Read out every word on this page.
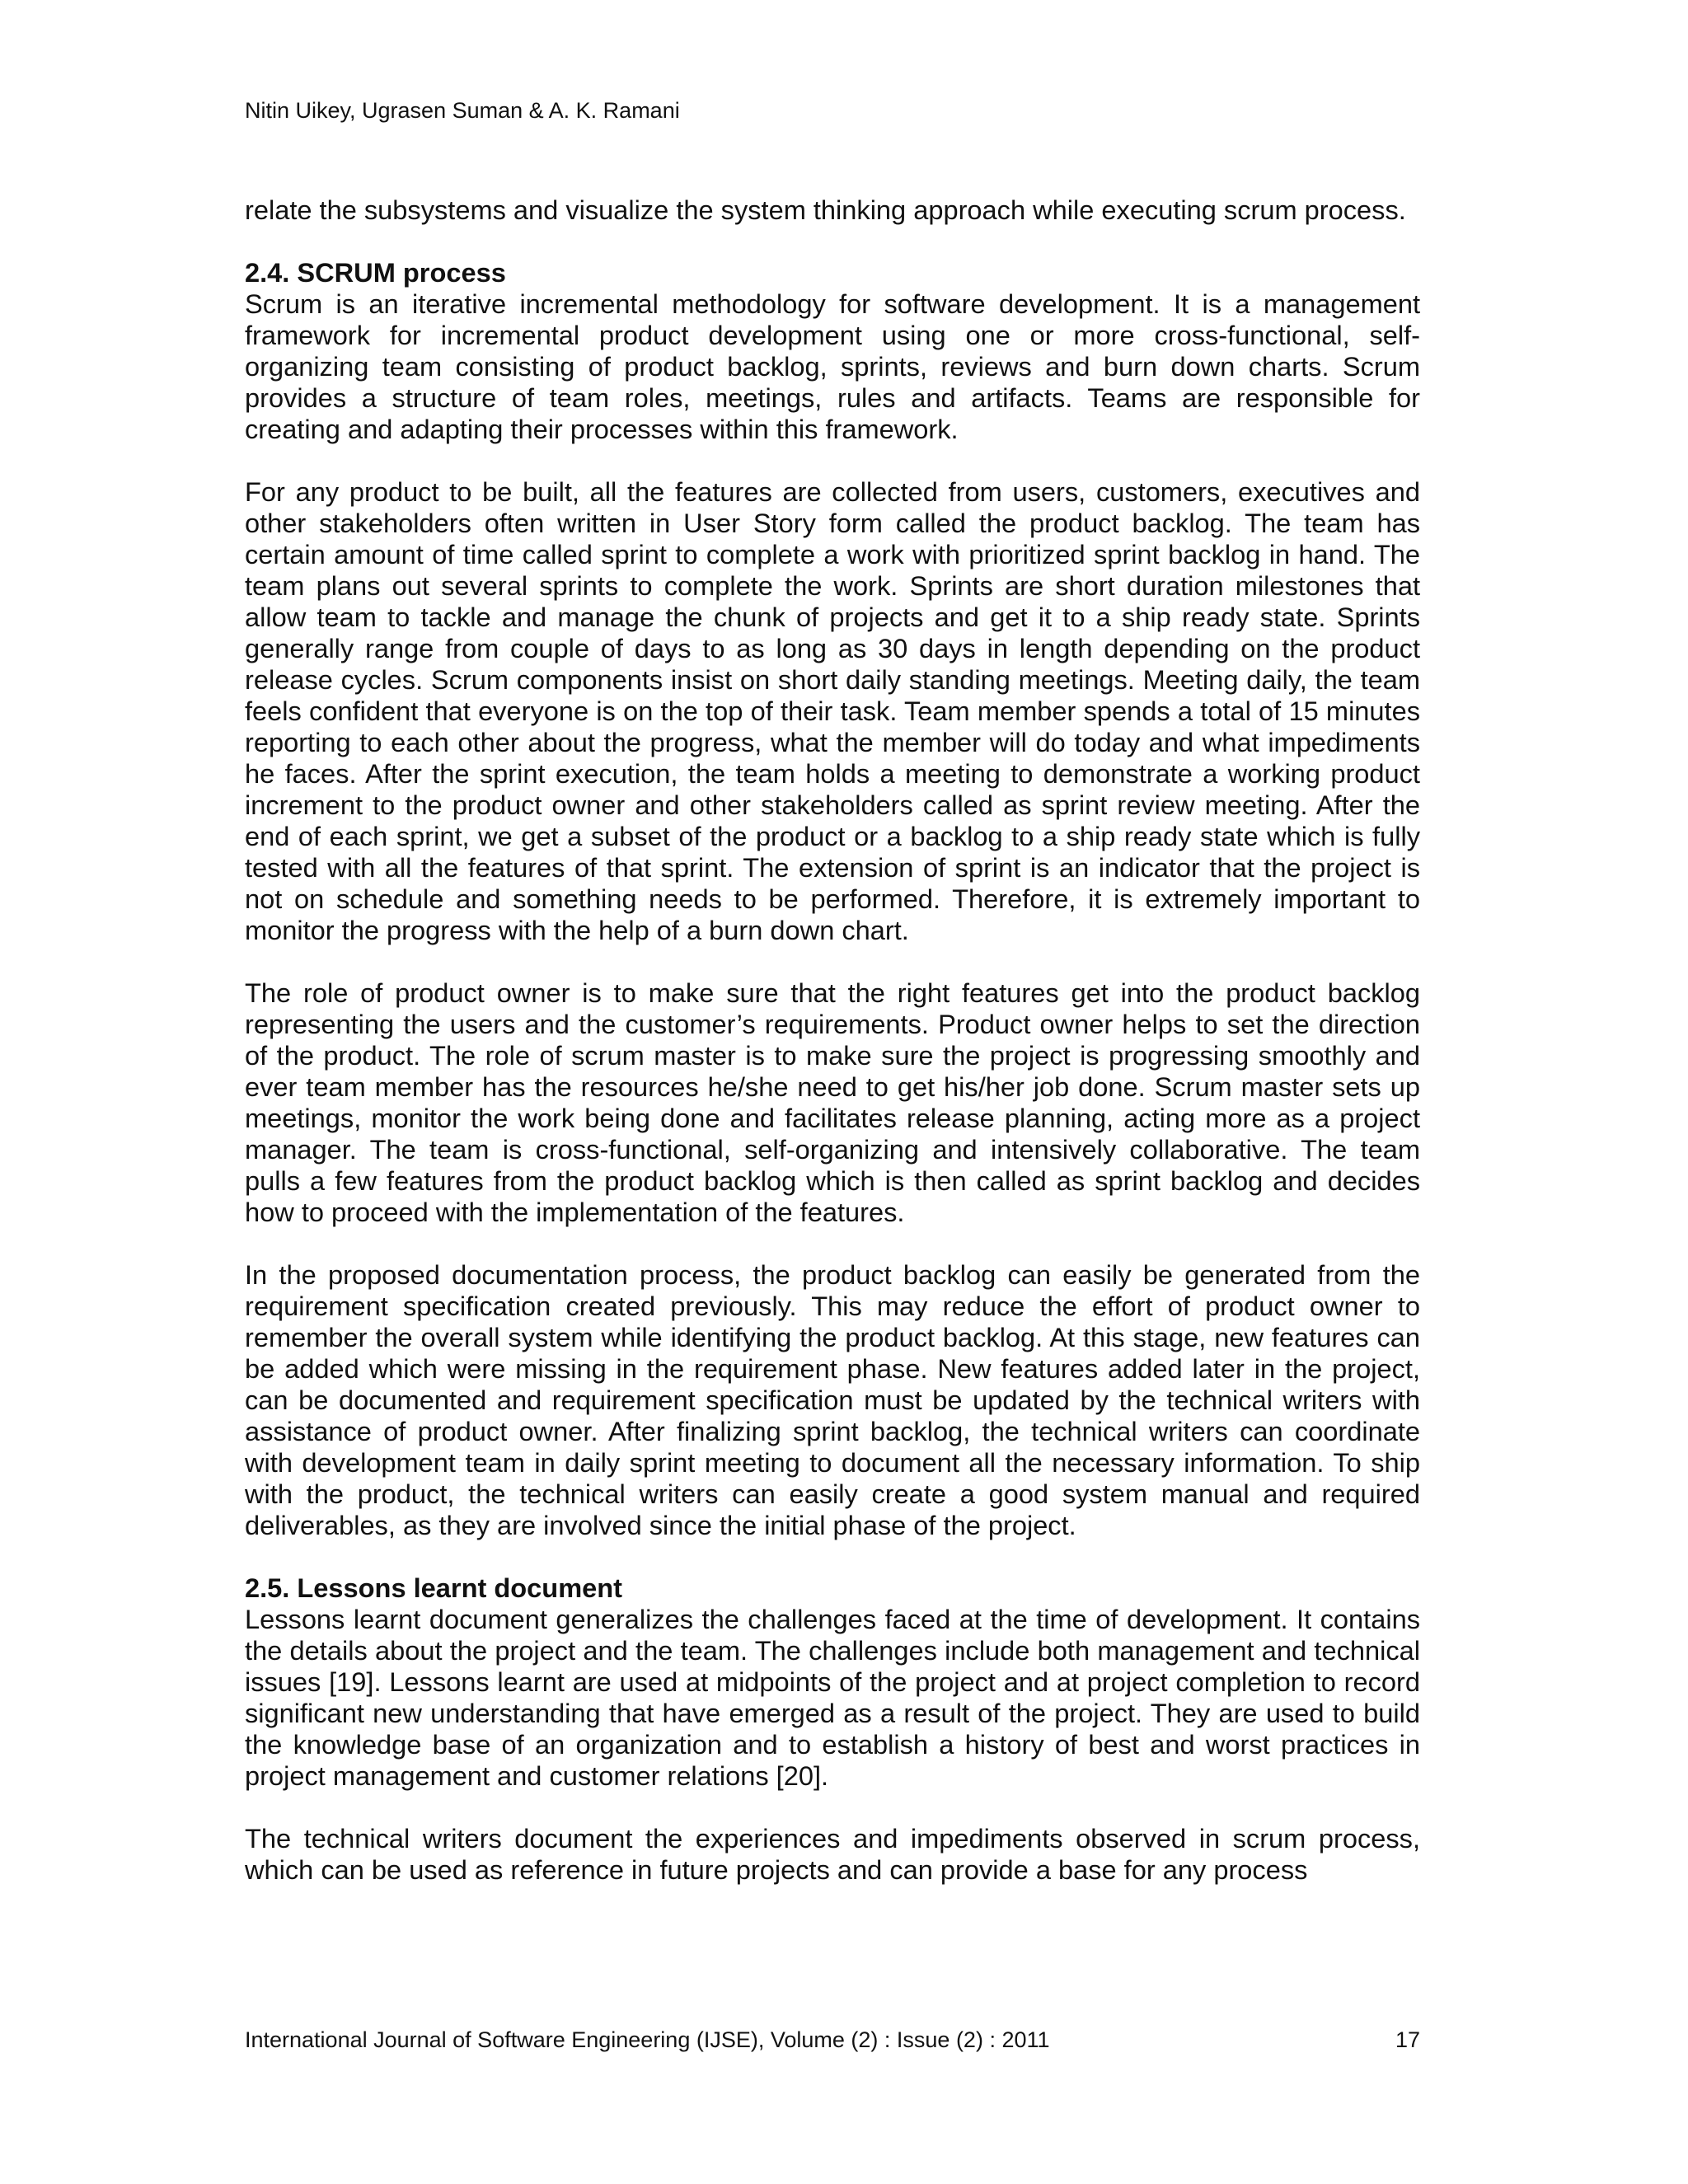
Nitin Uikey, Ugrasen Suman & A. K. Ramani

relate the subsystems and visualize the system thinking approach while executing scrum process.

2.4. SCRUM process

Scrum is an iterative incremental methodology for software development. It is a management framework for incremental product development using one or more cross-functional, self-organizing team consisting of product backlog, sprints, reviews and burn down charts. Scrum provides a structure of team roles, meetings, rules and artifacts. Teams are responsible for creating and adapting their processes within this framework.

For any product to be built, all the features are collected from users, customers, executives and other stakeholders often written in User Story form called the product backlog. The team has certain amount of time called sprint to complete a work with prioritized sprint backlog in hand. The team plans out several sprints to complete the work. Sprints are short duration milestones that allow team to tackle and manage the chunk of projects and get it to a ship ready state. Sprints generally range from couple of days to as long as 30 days in length depending on the product release cycles. Scrum components insist on short daily standing meetings. Meeting daily, the team feels confident that everyone is on the top of their task. Team member spends a total of 15 minutes reporting to each other about the progress, what the member will do today and what impediments he faces. After the sprint execution, the team holds a meeting to demonstrate a working product increment to the product owner and other stakeholders called as sprint review meeting. After the end of each sprint, we get a subset of the product or a backlog to a ship ready state which is fully tested with all the features of that sprint. The extension of sprint is an indicator that the project is not on schedule and something needs to be performed. Therefore, it is extremely important to monitor the progress with the help of a burn down chart.

The role of product owner is to make sure that the right features get into the product backlog representing the users and the customer’s requirements. Product owner helps to set the direction of the product. The role of scrum master is to make sure the project is progressing smoothly and ever team member has the resources he/she need to get his/her job done. Scrum master sets up meetings, monitor the work being done and facilitates release planning, acting more as a project manager. The team is cross-functional, self-organizing and intensively collaborative. The team pulls a few features from the product backlog which is then called as sprint backlog and decides how to proceed with the implementation of the features.

In the proposed documentation process, the product backlog can easily be generated from the requirement specification created previously. This may reduce the effort of product owner to remember the overall system while identifying the product backlog. At this stage, new features can be added which were missing in the requirement phase. New features added later in the project, can be documented and requirement specification must be updated by the technical writers with assistance of product owner. After finalizing sprint backlog, the technical writers can coordinate with development team in daily sprint meeting to document all the necessary information. To ship with the product, the technical writers can easily create a good system manual and required deliverables, as they are involved since the initial phase of the project.

2.5. Lessons learnt document

Lessons learnt document generalizes the challenges faced at the time of development. It contains the details about the project and the team. The challenges include both management and technical issues [19]. Lessons learnt are used at midpoints of the project and at project completion to record significant new understanding that have emerged as a result of the project. They are used to build the knowledge base of an organization and to establish a history of best and worst practices in project management and customer relations [20].

The technical writers document the experiences and impediments observed in scrum process, which can be used as reference in future projects and can provide a base for any process

International Journal of Software Engineering (IJSE), Volume (2) : Issue (2) : 2011	17
